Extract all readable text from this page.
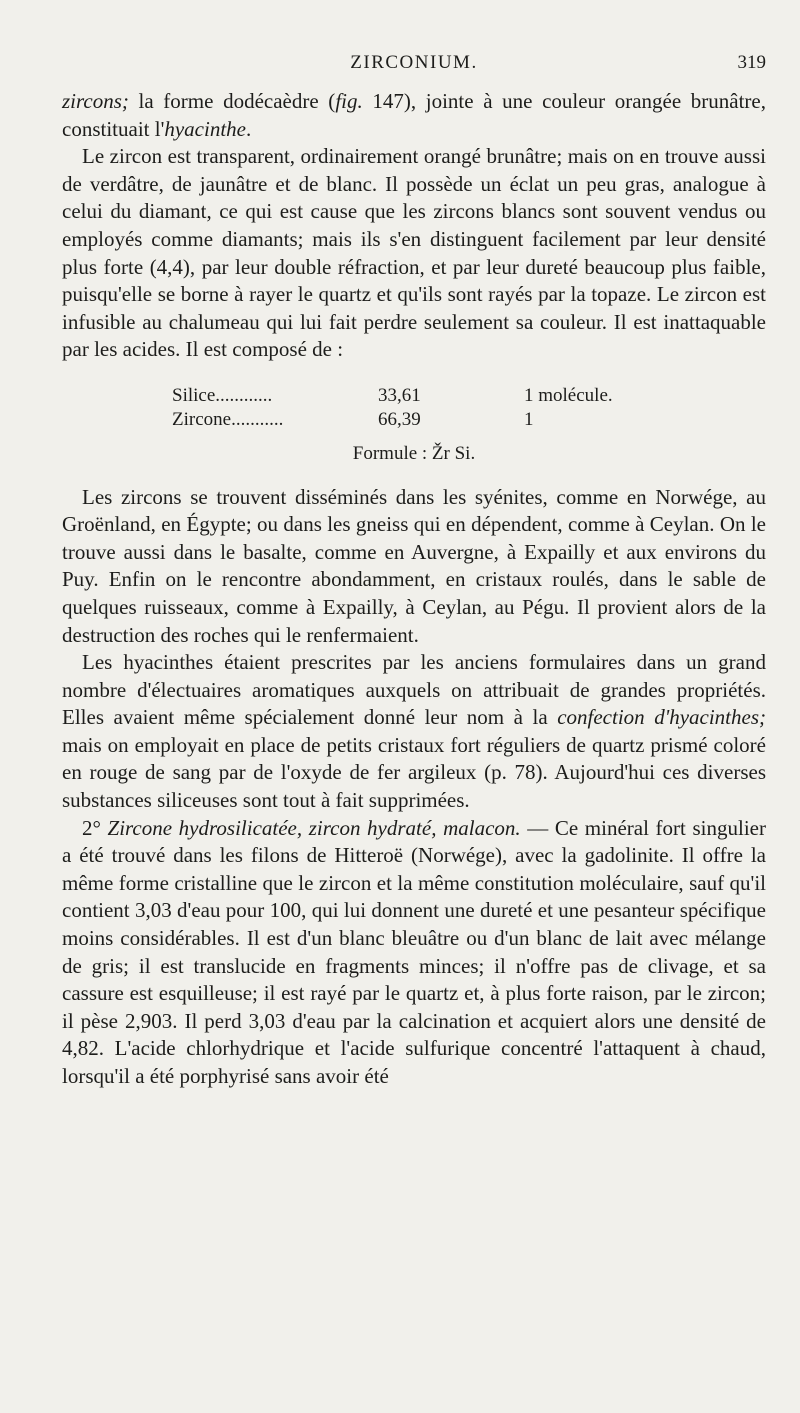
ZIRCONIUM.	319

zircons; la forme dodécaèdre (fig. 147), jointe à une couleur orangée brunâtre, constituait l'hyacinthe.

Le zircon est transparent, ordinairement orangé brunâtre; mais on en trouve aussi de verdâtre, de jaunâtre et de blanc. Il possède un éclat un peu gras, analogue à celui du diamant, ce qui est cause que les zircons blancs sont souvent vendus ou employés comme diamants; mais ils s'en distinguent facilement par leur densité plus forte (4,4), par leur double réfraction, et par leur dureté beaucoup plus faible, puisqu'elle se borne à rayer le quartz et qu'ils sont rayés par la topaze. Le zircon est infusible au chalumeau qui lui fait perdre seulement sa couleur. Il est inattaquable par les acides. Il est composé de :

Silice............	33,61	1 molécule.
Zircone...........	66,39	1
Formule : Žr Si.

Les zircons se trouvent disséminés dans les syénites, comme en Norwége, au Groënland, en Égypte; ou dans les gneiss qui en dépendent, comme à Ceylan. On le trouve aussi dans le basalte, comme en Auvergne, à Expailly et aux environs du Puy. Enfin on le rencontre abondamment, en cristaux roulés, dans le sable de quelques ruisseaux, comme à Expailly, à Ceylan, au Pégu. Il provient alors de la destruction des roches qui le renfermaient.

Les hyacinthes étaient prescrites par les anciens formulaires dans un grand nombre d'électuaires aromatiques auxquels on attribuait de grandes propriétés. Elles avaient même spécialement donné leur nom à la confection d'hyacinthes; mais on employait en place de petits cristaux fort réguliers de quartz prismé coloré en rouge de sang par de l'oxyde de fer argileux (p. 78). Aujourd'hui ces diverses substances siliceuses sont tout à fait supprimées.

2° Zircone hydrosilicatée, zircon hydraté, malacon. — Ce minéral fort singulier a été trouvé dans les filons de Hitteroë (Norwége), avec la gadolinite. Il offre la même forme cristalline que le zircon et la même constitution moléculaire, sauf qu'il contient 3,03 d'eau pour 100, qui lui donnent une dureté et une pesanteur spécifique moins considérables. Il est d'un blanc bleuâtre ou d'un blanc de lait avec mélange de gris; il est translucide en fragments minces; il n'offre pas de clivage, et sa cassure est esquilleuse; il est rayé par le quartz et, à plus forte raison, par le zircon; il pèse 2,903. Il perd 3,03 d'eau par la calcination et acquiert alors une densité de 4,82. L'acide chlorhydrique et l'acide sulfurique concentré l'attaquent à chaud, lorsqu'il a été porphyrisé sans avoir été
